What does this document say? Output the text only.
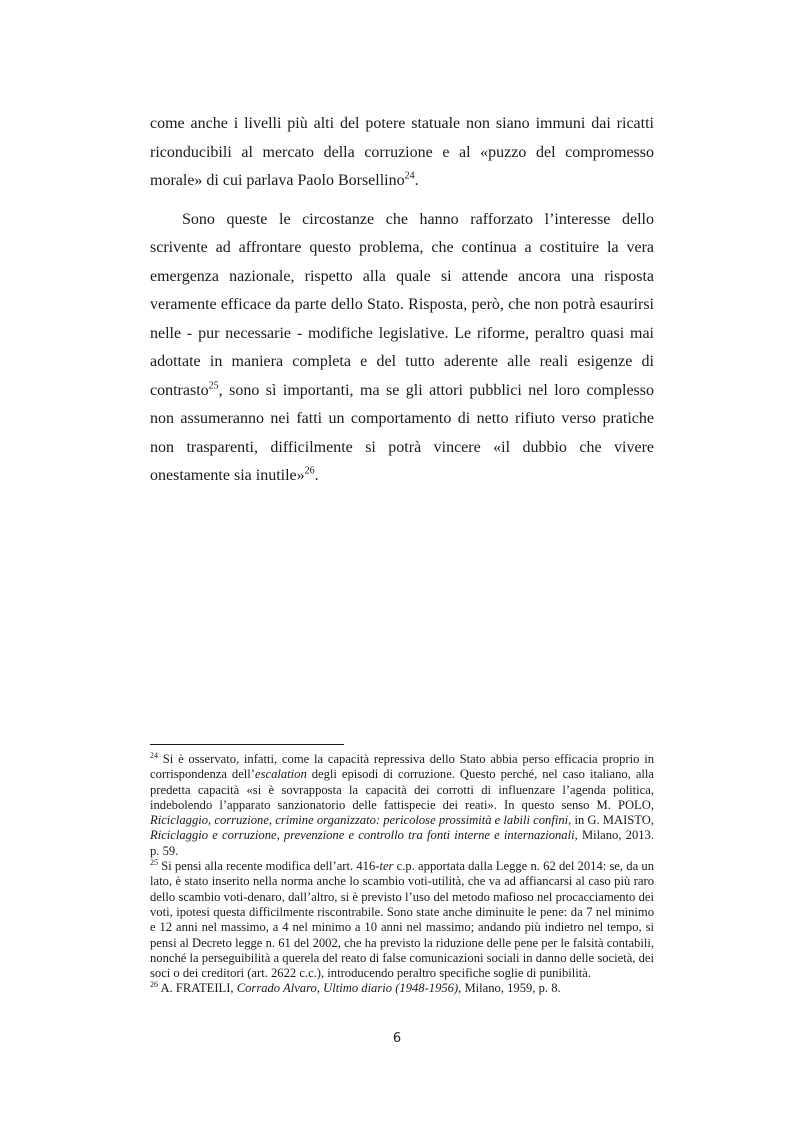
come anche i livelli più alti del potere statuale non siano immuni dai ricatti riconducibili al mercato della corruzione e al «puzzo del compromesso morale» di cui parlava Paolo Borsellino$^{24}$.

Sono queste le circostanze che hanno rafforzato l’interesse dello scrivente ad affrontare questo problema, che continua a costituire la vera emergenza nazionale, rispetto alla quale si attende ancora una risposta veramente efficace da parte dello Stato. Risposta, però, che non potrà esaurirsi nelle - pur necessarie - modifiche legislative. Le riforme, peraltro quasi mai adottate in maniera completa e del tutto aderente alle reali esigenze di contrasto$^{25}$, sono sì importanti, ma se gli attori pubblici nel loro complesso non assumeranno nei fatti un comportamento di netto rifiuto verso pratiche non trasparenti, difficilmente si potrà vincere «il dubbio che vivere onestamente sia inutile»$^{26}$.

$^{24}$ Si è osservato, infatti, come la capacità repressiva dello Stato abbia perso efficacia proprio in corrispondenza dell’escalation degli episodi di corruzione. Questo perché, nel caso italiano, alla predetta capacità «si è sovrapposta la capacità dei corrotti di influenzare l’agenda politica, indebolendo l’apparato sanzionatorio delle fattispecie dei reati». In questo senso M. POLO, Riciclaggio, corruzione, crimine organizzato: pericolose prossimità e labili confini, in G. MAISTO, Riciclaggio e corruzione, prevenzione e controllo tra fonti interne e internazionali, Milano, 2013. p. 59.

$^{25}$ Si pensi alla recente modifica dell’art. 416-ter c.p. apportata dalla Legge n. 62 del 2014: se, da un lato, è stato inserito nella norma anche lo scambio voti-utilità, che va ad affiancarsi al caso più raro dello scambio voti-denaro, dall’altro, si è previsto l’uso del metodo mafioso nel procacciamento dei voti, ipotesi questa difficilmente riscontrabile. Sono state anche diminuite le pene: da 7 nel minimo e 12 anni nel massimo, a 4 nel minimo a 10 anni nel massimo; andando più indietro nel tempo, si pensi al Decreto legge n. 61 del 2002, che ha previsto la riduzione delle pene per le falsità contabili, nonché la perseguibilità a querela del reato di false comunicazioni sociali in danno delle società, dei soci o dei creditori (art. 2622 c.c.), introducendo peraltro specifiche soglie di punibilità.

$^{26}$ A. FRATEILI, Corrado Alvaro, Ultimo diario (1948-1956), Milano, 1959, p. 8.

6
